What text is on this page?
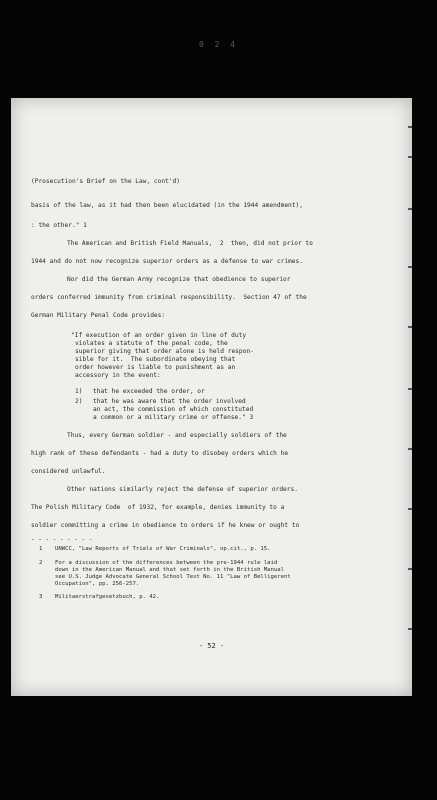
0 2 4
(Prosecution's Brief on the Law, cont'd)
basis of the law, as it had then been elucidated (in the 1944 amendment),
: the other." 1
The American and British Field Manuals,  2  then, did not prior to
1944 and do not now recognize superior orders as a defense to war crimes.
Nor did the German Army recognize that obedience to superior
orders conferred immunity from criminal responsibility.  Section 47 of the
German Military Penal Code provides:
"If execution of an order given in line of duty
violates a statute of the penal code, the
superior giving that order alone is held respon-
sible for it.  The subordinate obeying that
order however is liable to punishment as an
accessory in the event:
1) that he exceeded the order, or
2) that he was aware that the order involved
an act, the commission of which constituted
a common or a military crime or offense." 3
Thus, every German soldier - and especially soldiers of the
high rank of these defendants - had a duty to disobey orders which he
considered unlawful.
Other nations similarly reject the defense of superior orders.
The Polish Military Code  of 1932, for example, denies immunity to a
soldier committing a crime in obedience to orders if he knew or ought to
- - - - - - - - -
1 UNWCC, "Law Reports of Trials of War Criminals", op.cit., p. 15.
2 For a discussion of the differences between the pre-1944 rule laid
down in the American Manual and that set forth in the British Manual
see U.S. Judge Advocate General School Text No. 11 "Law of Belligerent
Occupation", pp. 256-257.
3 Militaerstrafgesetzbuch, p. 42.
- 52 -
